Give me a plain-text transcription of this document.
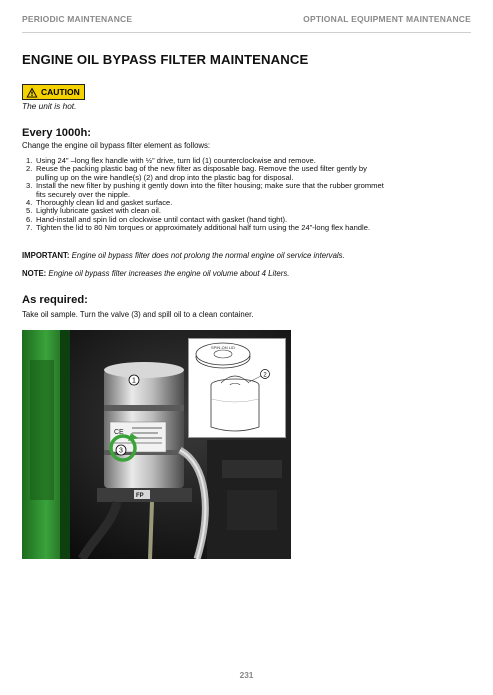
PERIODIC MAINTENANCE	OPTIONAL EQUIPMENT MAINTENANCE
ENGINE OIL BYPASS FILTER MAINTENANCE
CAUTION
The unit is hot.
Every 1000h:
Change the engine oil bypass filter element as follows:
1. Using 24” –long flex handle with ½” drive, turn lid (1) counterclockwise and remove.
2. Reuse the packing plastic bag of the new filter as disposable bag. Remove the used filter gently by
pulling up on the wire handle(s) (2) and drop into the plastic bag for disposal.
3. Install the new filter by pushing it gently down into the filter housing; make sure that the rubber grommet
fits securely over the nipple.
4. Thoroughly clean lid and gasket surface.
5. Lightly lubricate gasket with clean oil.
6. Hand-install and spin lid on clockwise until contact with gasket (hand tight).
7. Tighten the lid to 80 Nm torques or approximately additional half turn using the 24”-long flex handle.
IMPORTANT: Engine oil bypass filter does not prolong the normal engine oil service intervals.
NOTE: Engine oil bypass filter increases the engine oil volume about 4 Liters.
As required:
Take oil sample. Turn the valve (3) and spill oil to a clean container.
CE
FP
1
3
SPIN-ON LID
2
231
